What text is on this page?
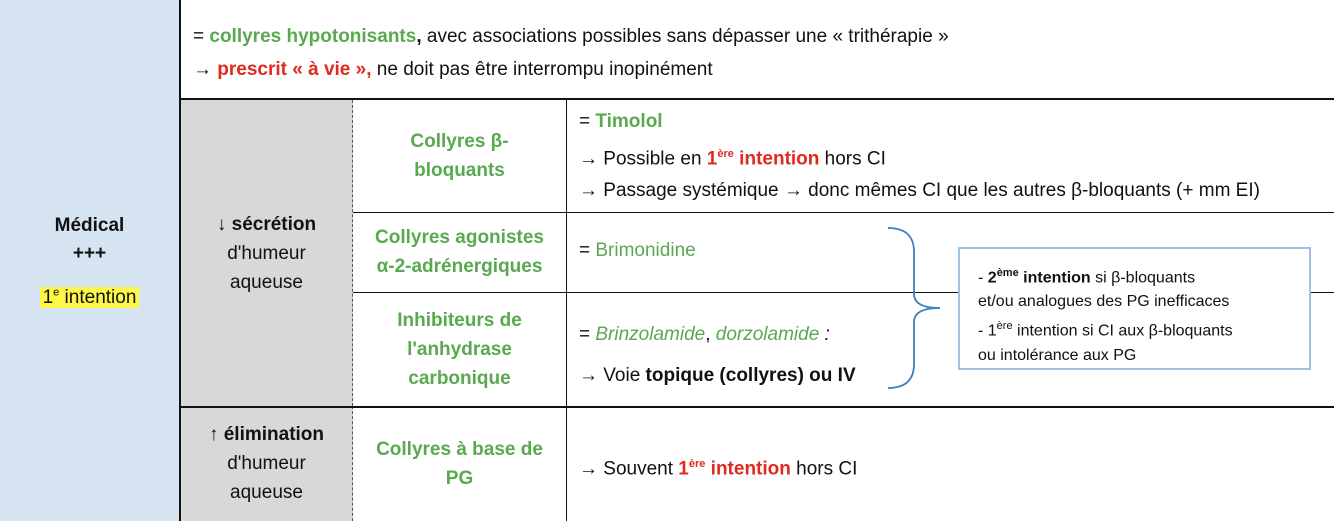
Médical
+++
$1^e$ intention
= collyres hypotonisants, avec associations possibles sans dépasser une « trithérapie »
→ prescrit « à vie », ne doit pas être interrompu inopinément
↓ sécrétion
d'humeur
aqueuse
↑ élimination
d'humeur
aqueuse
Collyres β-
bloquants
Collyres agonistes
α-2-adrénergiques
Inhibiteurs de
l'anhydrase
carbonique
Collyres à base de
PG
= Timolol
→ Possible en 1ère intention hors CI
→ Passage systémique → donc mêmes CI que les autres β-bloquants (+ mm EI)
= Brimonidine
= Brinzolamide, dorzolamide :
→ Voie topique (collyres) ou IV
→ Souvent 1ère intention hors CI
- 2ème intention si β-bloquants
et/ou analogues des PG inefficaces
- 1ère intention si CI aux β-bloquants
ou intolérance aux PG
